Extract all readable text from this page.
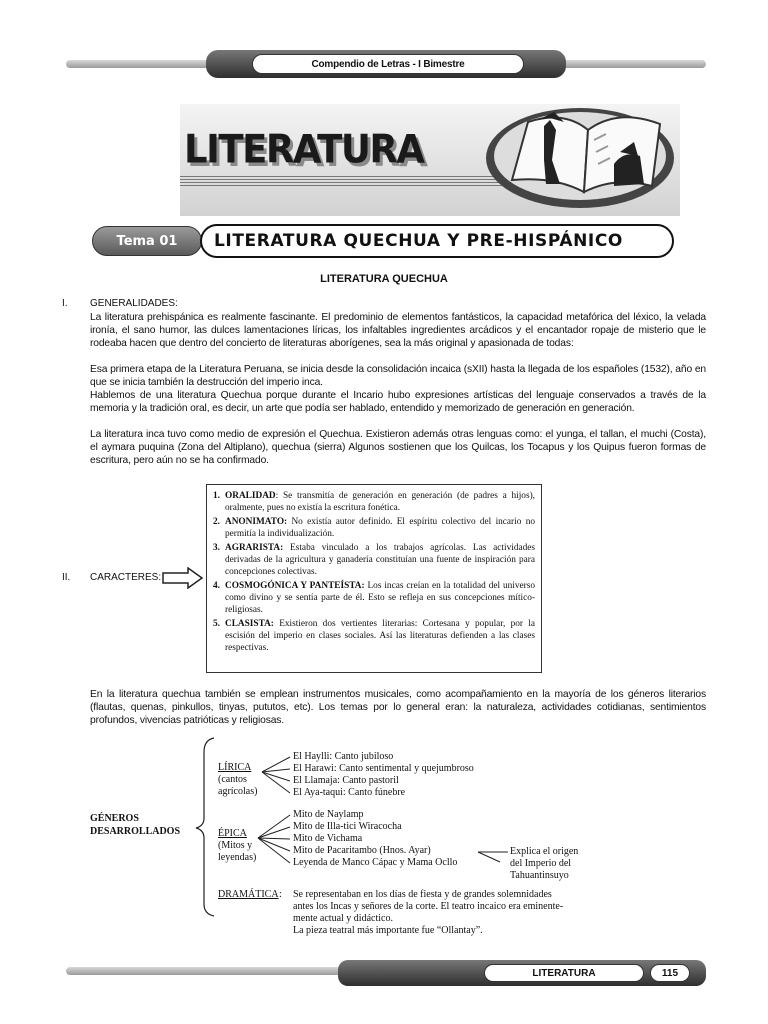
Compendio de Letras - I Bimestre
LITERATURA
Tema 01	LITERATURA QUECHUA Y PRE-HISPÁNICO
LITERATURA QUECHUA
I. GENERALIDADES:
La literatura prehispánica es realmente fascinante. El predominio de elementos fantásticos, la capacidad metafórica del léxico, la velada ironía, el sano humor, las dulces lamentaciones líricas, los infaltables ingredientes arcádicos y el encantador ropaje de misterio que le rodeaba hacen que dentro del concierto de literaturas aborígenes, sea la más original y apasionada de todas:
Esa primera etapa de la Literatura Peruana, se inicia desde la consolidación incaica (sXII) hasta la llegada de los españoles (1532), año en que se inicia también la destrucción del imperio inca.
Hablemos de una literatura Quechua porque durante el Incario hubo expresiones artísticas del lenguaje conservados a través de la memoria y la tradición oral, es decir, un arte que podía ser hablado, entendido y memorizado de generación en generación.
La literatura inca tuvo como medio de expresión el Quechua. Existieron además otras lenguas como: el yunga, el tallan, el muchi (Costa), el aymara puquina (Zona del Altiplano), quechua (sierra) Algunos sostienen que los Quilcas, los Tocapus y los Quipus fueron formas de escritura, pero aún no se ha confirmado.
II. CARACTERES:
1. ORALIDAD: Se transmitía de generación en generación (de padres a hijos), oralmente, pues no existía la escritura fonética.
2. ANONIMATO: No existía autor definido. El espíritu colectivo del incario no permitía la individualización.
3. AGRARISTA: Estaba vinculado a los trabajos agrícolas. Las actividades derivadas de la agricultura y ganadería constituían una fuente de inspiración para concepciones colectivas.
4. COSMOGÓNICA Y PANTEÍSTA: Los incas creían en la totalidad del universo como divino y se sentía parte de él. Esto se refleja en sus concepciones mítico-religiosas.
5. CLASISTA: Existieron dos vertientes literarias: Cortesana y popular, por la escisión del imperio en clases sociales. Así las literaturas defienden a las clases respectivas.
En la literatura quechua también se emplean instrumentos musicales, como acompañamiento en la mayoría de los géneros literarios (flautas, quenas, pinkullos, tinyas, pututos, etc). Los temas por lo general eran: la naturaleza, actividades cotidianas, sentimientos profundos, vivencias patrióticas y religiosas.
GÉNEROS
DESARROLLADOS
LÍRICA
(cantos
agrícolas)
El Haylli: Canto jubiloso
El Harawi: Canto sentimental y quejumbroso
El Llamaja: Canto pastoril
El Aya-taqui: Canto fúnebre
ÉPICA
(Mitos y
leyendas)
Mito de Naylamp
Mito de Illa-tici Wiracocha
Mito de Vichama
Mito de Pacaritambo (Hnos. Ayar)
Leyenda de Manco Cápac y Mama Ocllo
Explica el origen
del Imperio del
Tahuantinsuyo
DRAMÁTICA : Se representaban en los días de fiesta y de grandes solemnidades
antes los Incas y señores de la corte. El teatro incaico era eminente-
mente actual y didáctico.
La pieza teatral más importante fue “Ollantay”.
LITERATURA	115
